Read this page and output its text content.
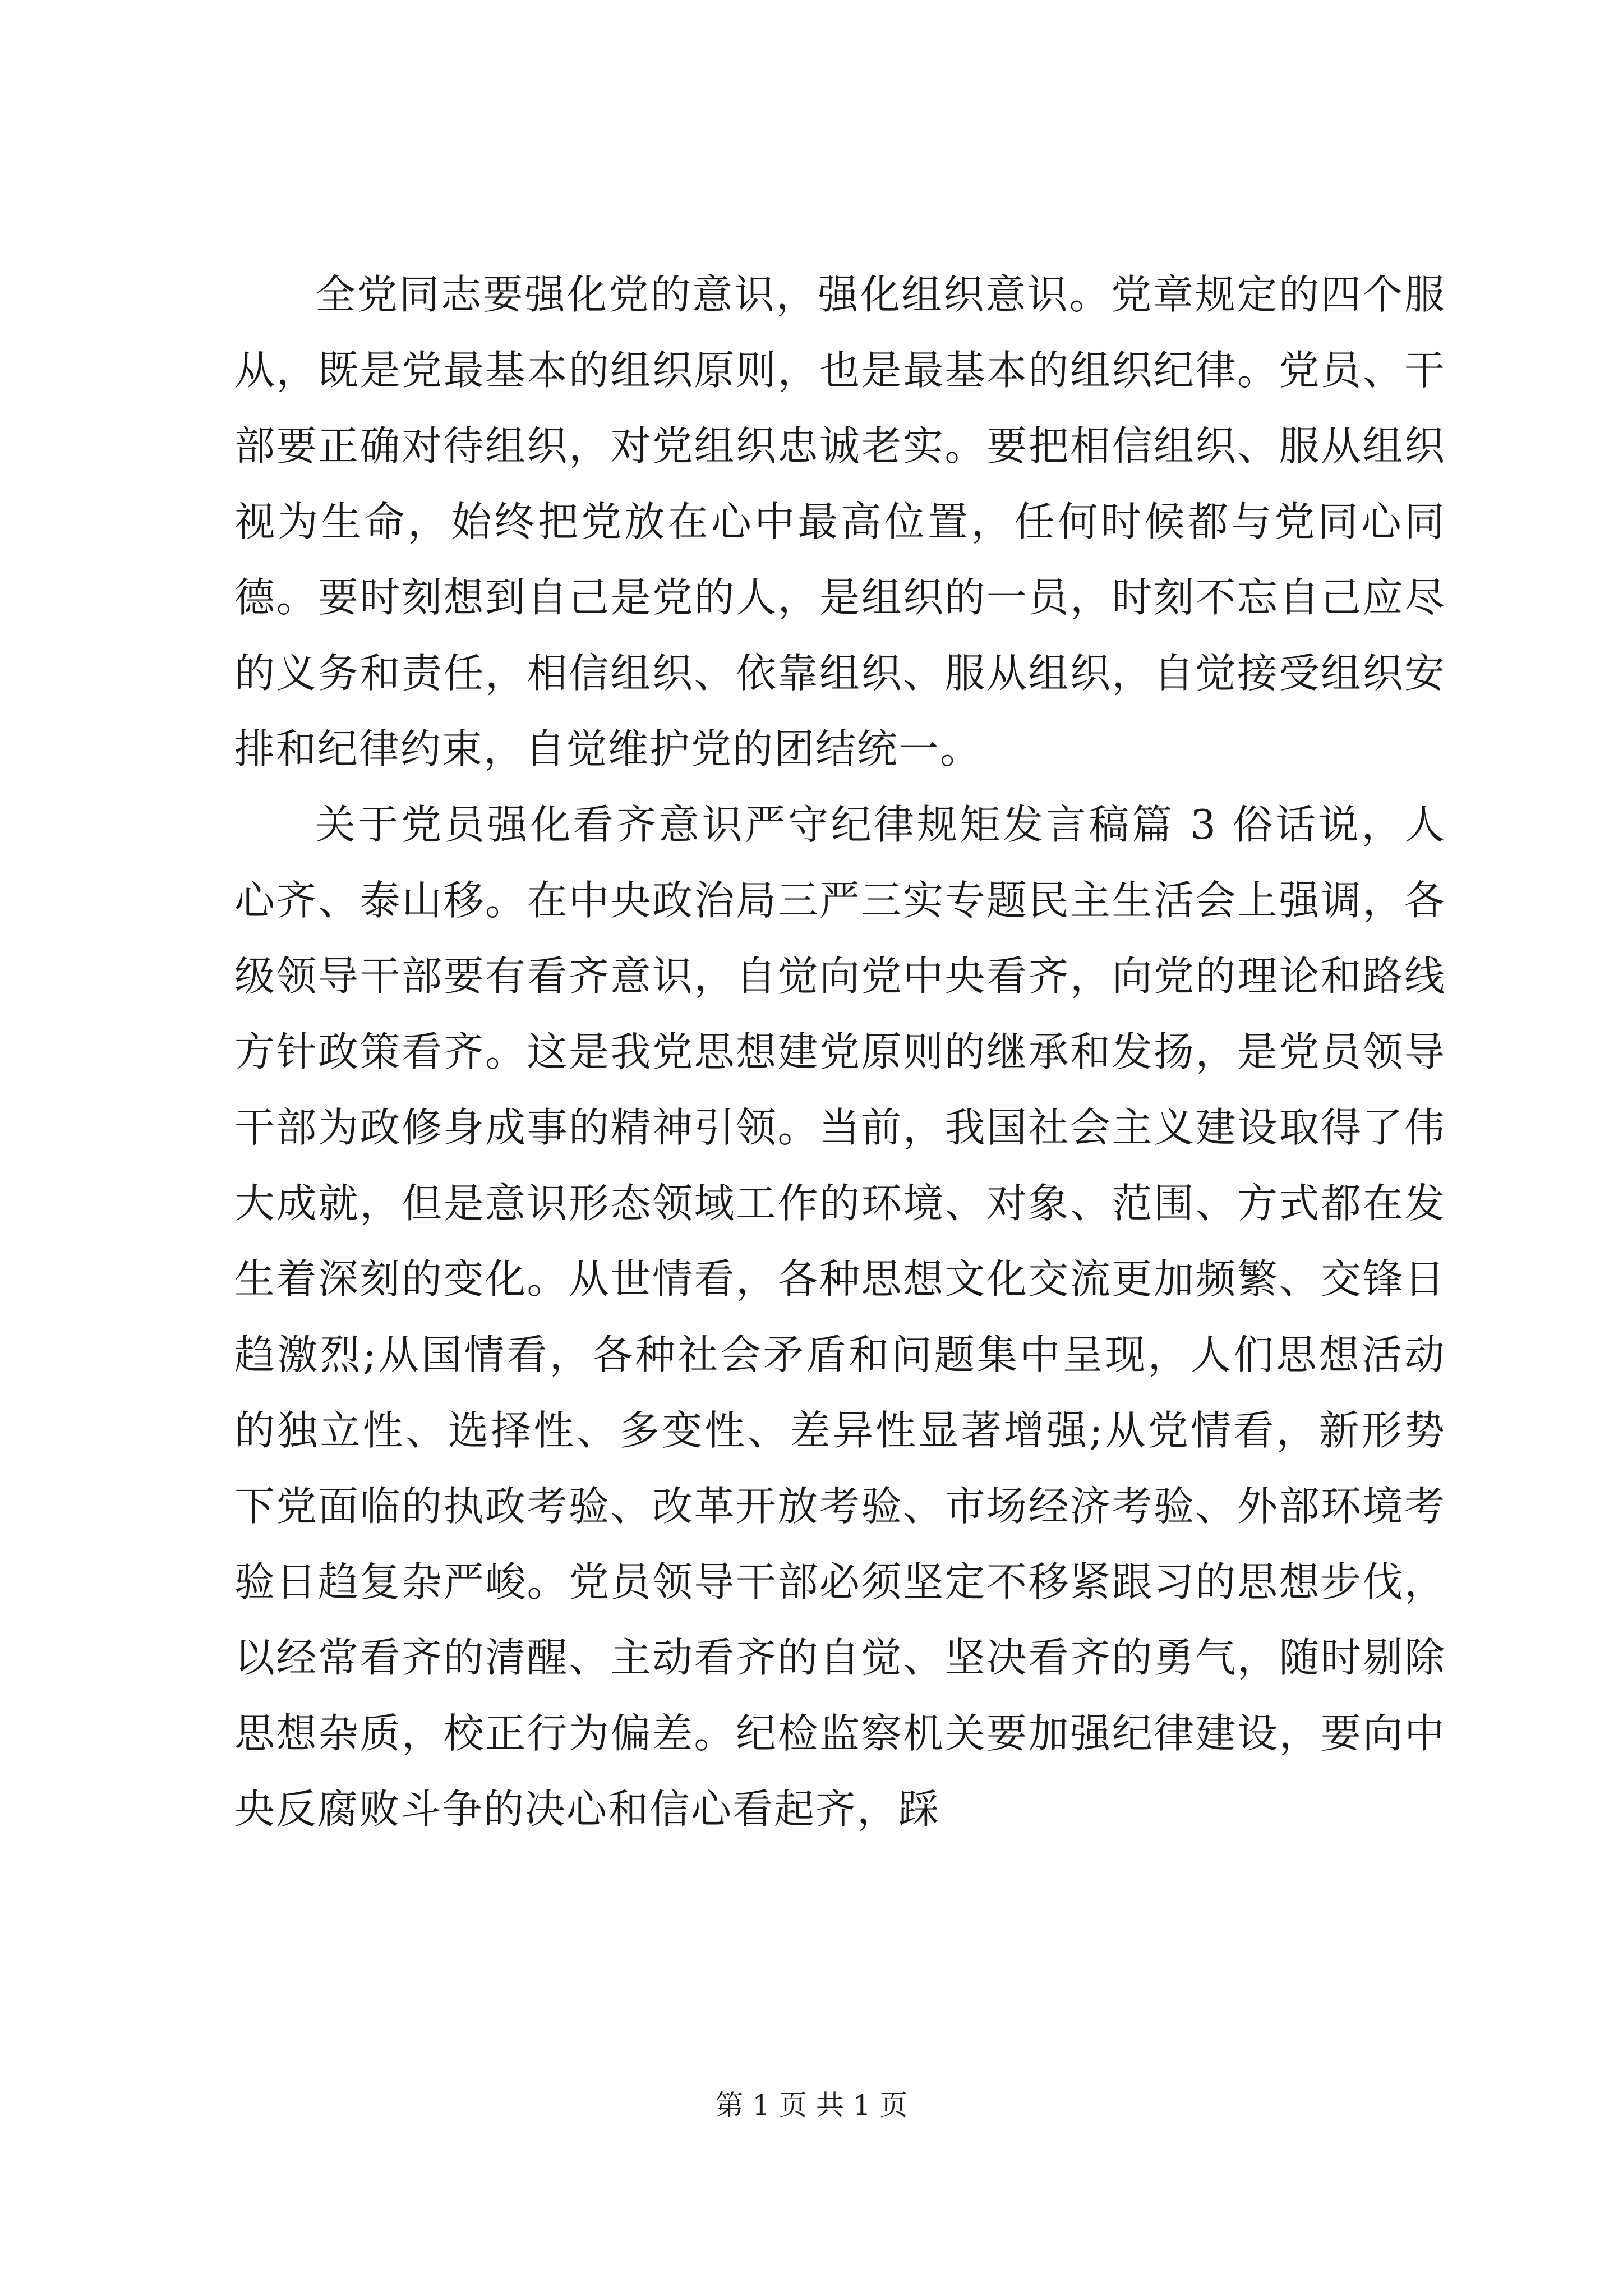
全党同志要强化党的意识，强化组织意识。党章规定的四个服从，既是党最基本的组织原则，也是最基本的组织纪律。党员、干部要正确对待组织，对党组织忠诚老实。要把相信组织、服从组织视为生命，始终把党放在心中最高位置，任何时候都与党同心同德。要时刻想到自己是党的人，是组织的一员，时刻不忘自己应尽的义务和责任，相信组织、依靠组织、服从组织，自觉接受组织安排和纪律约束，自觉维护党的团结统一。

关于党员强化看齐意识严守纪律规矩发言稿篇 3 俗话说，人心齐、泰山移。在中央政治局三严三实专题民主生活会上强调，各级领导干部要有看齐意识，自觉向党中央看齐，向党的理论和路线方针政策看齐。这是我党思想建党原则的继承和发扬，是党员领导干部为政修身成事的精神引领。当前，我国社会主义建设取得了伟大成就，但是意识形态领域工作的环境、对象、范围、方式都在发生着深刻的变化。从世情看，各种思想文化交流更加频繁、交锋日趋激烈;从国情看，各种社会矛盾和问题集中呈现，人们思想活动的独立性、选择性、多变性、差异性显著增强;从党情看，新形势下党面临的执政考验、改革开放考验、市场经济考验、外部环境考验日趋复杂严峻。党员领导干部必须坚定不移紧跟习的思想步伐，以经常看齐的清醒、主动看齐的自觉、坚决看齐的勇气，随时剔除思想杂质，校正行为偏差。纪检监察机关要加强纪律建设，要向中央反腐败斗争的决心和信心看起齐，踩

第 1 页 共 1 页
